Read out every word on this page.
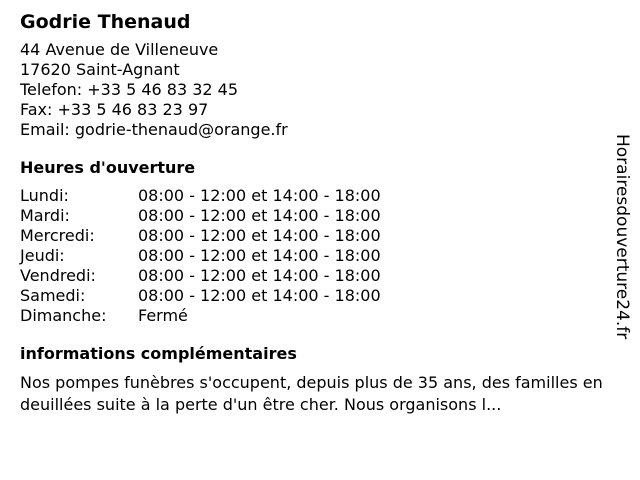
Godrie Thenaud
44 Avenue de Villeneuve
17620 Saint-Agnant
Telefon: +33 5 46 83 32 45
Fax: +33 5 46 83 23 97
Email: godrie-thenaud@orange.fr
Heures d'ouverture
Lundi:	08:00 - 12:00 et 14:00 - 18:00
Mardi:	08:00 - 12:00 et 14:00 - 18:00
Mercredi:	08:00 - 12:00 et 14:00 - 18:00
Jeudi:	08:00 - 12:00 et 14:00 - 18:00
Vendredi:	08:00 - 12:00 et 14:00 - 18:00
Samedi:	08:00 - 12:00 et 14:00 - 18:00
Dimanche:	Fermé
informations complémentaires
Nos pompes funèbres s'occupent, depuis plus de 35 ans, des familles endeuillées suite à la perte d'un être cher. Nous organisons l...
Horairesdouverture24.fr
